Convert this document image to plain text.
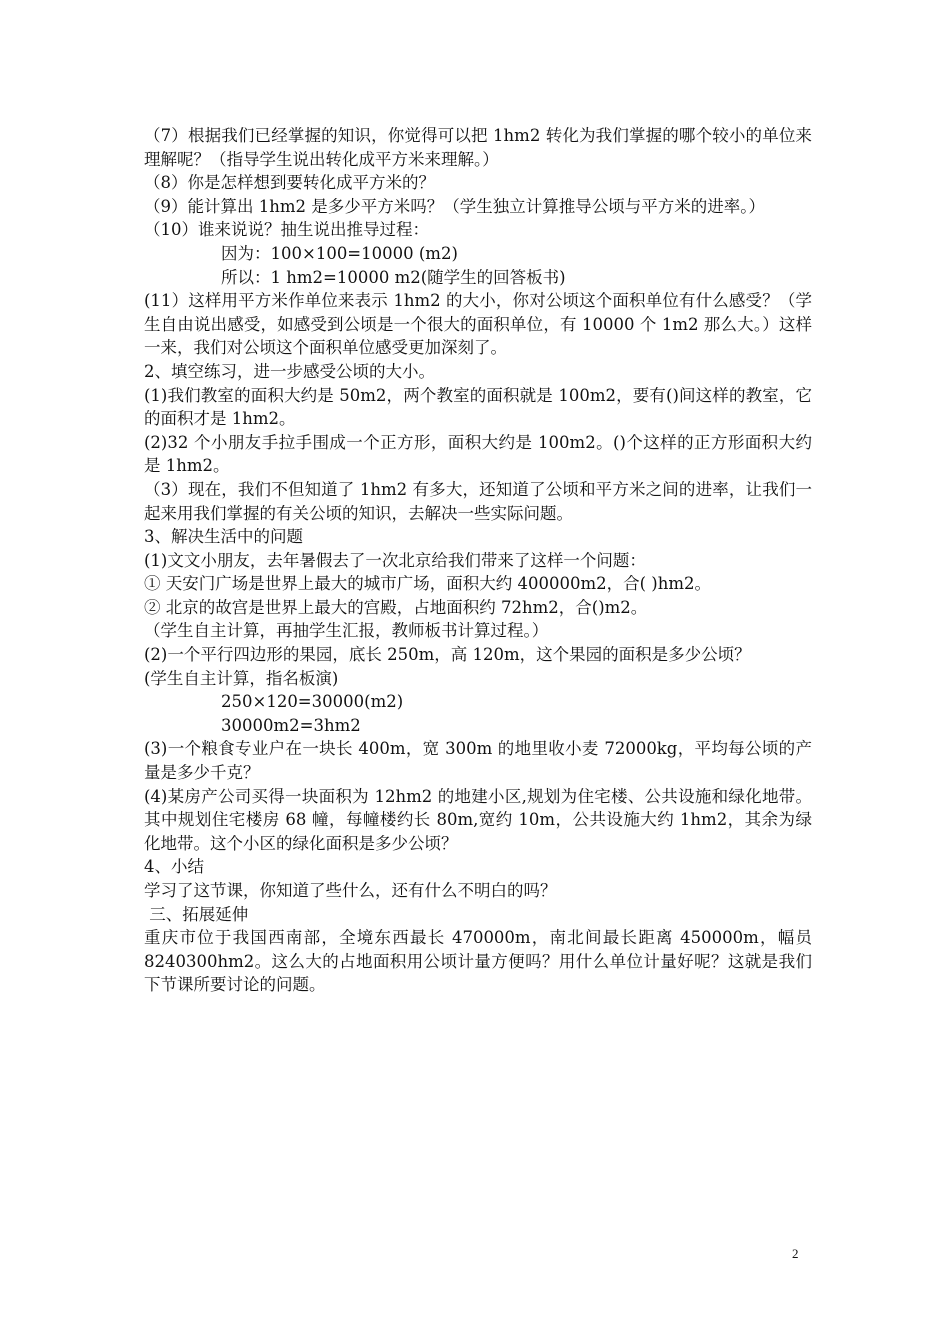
（7）根据我们已经掌握的知识，你觉得可以把 1hm2 转化为我们掌握的哪个较小的单位来理解呢？（指导学生说出转化成平方米来理解。）

（8）你是怎样想到要转化成平方米的？

（9）能计算出 1hm2 是多少平方米吗？（学生独立计算推导公顷与平方米的进率。）

（10）谁来说说？抽生说出推导过程：

因为：100×100=10000 (m2)

所以：1 hm2=10000 m2(随学生的回答板书)

(11）这样用平方米作单位来表示 1hm2 的大小，你对公顷这个面积单位有什么感受？（学生自由说出感受，如感受到公顷是一个很大的面积单位，有 10000 个 1m2 那么大。）这样一来，我们对公顷这个面积单位感受更加深刻了。

2、填空练习，进一步感受公顷的大小。

(1)我们教室的面积大约是 50m2，两个教室的面积就是 100m2，要有()间这样的教室，它的面积才是 1hm2。

(2)32 个小朋友手拉手围成一个正方形，面积大约是 100m2。()个这样的正方形面积大约是 1hm2。

（3）现在，我们不但知道了 1hm2 有多大，还知道了公顷和平方米之间的进率，让我们一起来用我们掌握的有关公顷的知识，去解决一些实际问题。

3、解决生活中的问题

(1)文文小朋友，去年暑假去了一次北京给我们带来了这样一个问题：

① 天安门广场是世界上最大的城市广场，面积大约 400000m2，合( )hm2。

② 北京的故宫是世界上最大的宫殿，占地面积约 72hm2，合()m2。

（学生自主计算，再抽学生汇报，教师板书计算过程。）

(2)一个平行四边形的果园，底长 250m，高 120m，这个果园的面积是多少公顷？

(学生自主计算，指名板演)

250×120=30000(m2)

30000m2=3hm2

(3)一个粮食专业户在一块长 400m，宽 300m 的地里收小麦 72000kg，平均每公顷的产量是多少千克？

(4)某房产公司买得一块面积为 12hm2 的地建小区,规划为住宅楼、公共设施和绿化地带。其中规划住宅楼房 68 幢，每幢楼约长 80m,宽约 10m，公共设施大约 1hm2，其余为绿化地带。这个小区的绿化面积是多少公顷？

4、小结

学习了这节课，你知道了些什么，还有什么不明白的吗？

三、拓展延伸

重庆市位于我国西南部，全境东西最长 470000m，南北间最长距离 450000m，幅员 8240300hm2。这么大的占地面积用公顷计量方便吗？用什么单位计量好呢？这就是我们下节课所要讨论的问题。

2
